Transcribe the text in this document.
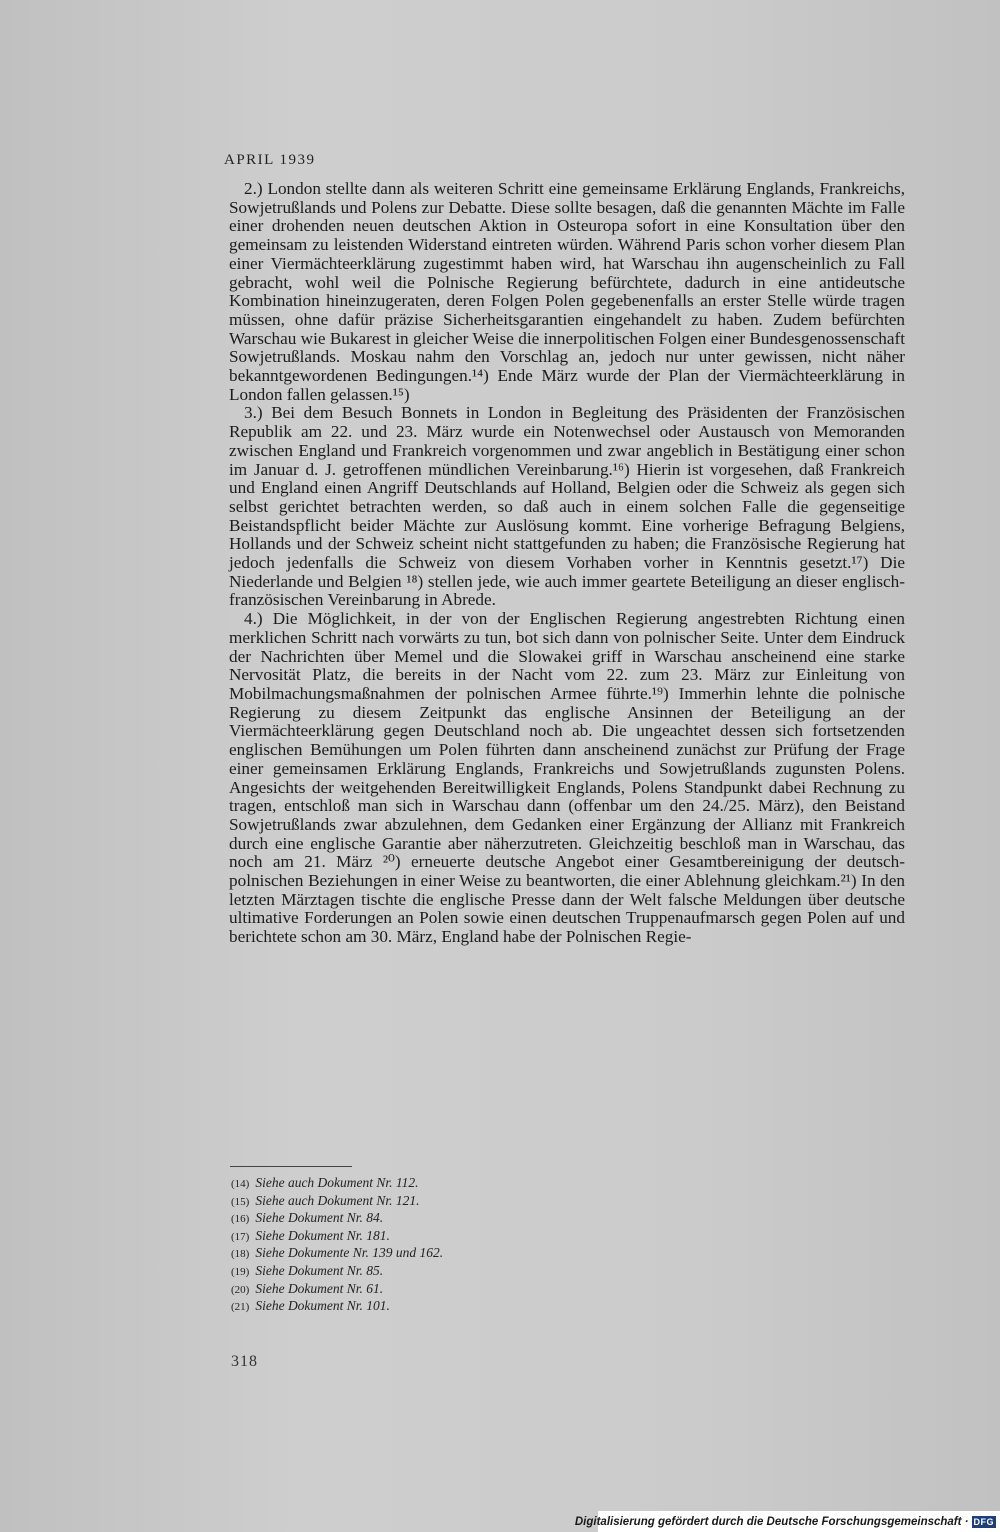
APRIL 1939

2.) London stellte dann als weiteren Schritt eine gemeinsame Erklärung Englands, Frankreichs, Sowjetrußlands und Polens zur Debatte. Diese sollte besagen, daß die genannten Mächte im Falle einer drohenden neuen deutschen Aktion in Osteuropa sofort in eine Konsultation über den gemeinsam zu leistenden Widerstand eintreten würden. Während Paris schon vorher diesem Plan einer Viermächteerklärung zugestimmt haben wird, hat Warschau ihn augenscheinlich zu Fall gebracht, wohl weil die Polnische Regierung befürchtete, dadurch in eine antideutsche Kombination hineinzugeraten, deren Folgen Polen gegebenenfalls an erster Stelle würde tragen müssen, ohne dafür präzise Sicherheitsgarantien eingehandelt zu haben. Zudem befürchten Warschau wie Bukarest in gleicher Weise die innerpolitischen Folgen einer Bundesgenossenschaft Sowjetrußlands. Moskau nahm den Vorschlag an, jedoch nur unter gewissen, nicht näher bekanntgewordenen Bedingungen.¹⁴) Ende März wurde der Plan der Viermächteerklärung in London fallen gelassen.¹⁵)

3.) Bei dem Besuch Bonnets in London in Begleitung des Präsidenten der Französischen Republik am 22. und 23. März wurde ein Notenwechsel oder Austausch von Memoranden zwischen England und Frankreich vorgenommen und zwar angeblich in Bestätigung einer schon im Januar d. J. getroffenen mündlichen Vereinbarung.¹⁶) Hierin ist vorgesehen, daß Frankreich und England einen Angriff Deutschlands auf Holland, Belgien oder die Schweiz als gegen sich selbst gerichtet betrachten werden, so daß auch in einem solchen Falle die gegenseitige Beistandspflicht beider Mächte zur Auslösung kommt. Eine vorherige Befragung Belgiens, Hollands und der Schweiz scheint nicht stattgefunden zu haben; die Französische Regierung hat jedoch jedenfalls die Schweiz von diesem Vorhaben vorher in Kenntnis gesetzt.¹⁷) Die Niederlande und Belgien ¹⁸) stellen jede, wie auch immer geartete Beteiligung an dieser englisch-französischen Vereinbarung in Abrede.

4.) Die Möglichkeit, in der von der Englischen Regierung angestrebten Richtung einen merklichen Schritt nach vorwärts zu tun, bot sich dann von polnischer Seite. Unter dem Eindruck der Nachrichten über Memel und die Slowakei griff in Warschau anscheinend eine starke Nervosität Platz, die bereits in der Nacht vom 22. zum 23. März zur Einleitung von Mobilmachungsmaßnahmen der polnischen Armee führte.¹⁹) Immerhin lehnte die polnische Regierung zu diesem Zeitpunkt das englische Ansinnen der Beteiligung an der Viermächteerklärung gegen Deutschland noch ab. Die ungeachtet dessen sich fortsetzenden englischen Bemühungen um Polen führten dann anscheinend zunächst zur Prüfung der Frage einer gemeinsamen Erklärung Englands, Frankreichs und Sowjetrußlands zugunsten Polens. Angesichts der weitgehenden Bereitwilligkeit Englands, Polens Standpunkt dabei Rechnung zu tragen, entschloß man sich in Warschau dann (offenbar um den 24./25. März), den Beistand Sowjetrußlands zwar abzulehnen, dem Gedanken einer Ergänzung der Allianz mit Frankreich durch eine englische Garantie aber näherzutreten. Gleichzeitig beschloß man in Warschau, das noch am 21. März ²⁰) erneuerte deutsche Angebot einer Gesamtbereinigung der deutsch-polnischen Beziehungen in einer Weise zu beantworten, die einer Ablehnung gleichkam.²¹) In den letzten Märztagen tischte die englische Presse dann der Welt falsche Meldungen über deutsche ultimative Forderungen an Polen sowie einen deutschen Truppenaufmarsch gegen Polen auf und berichtete schon am 30. März, England habe der Polnischen Regie-

(14) Siehe auch Dokument Nr. 112.
(15) Siehe auch Dokument Nr. 121.
(16) Siehe Dokument Nr. 84.
(17) Siehe Dokument Nr. 181.
(18) Siehe Dokumente Nr. 139 und 162.
(19) Siehe Dokument Nr. 85.
(20) Siehe Dokument Nr. 61.
(21) Siehe Dokument Nr. 101.
318
Digitalisierung gefördert durch die Deutsche Forschungsgemeinschaft · DFG
